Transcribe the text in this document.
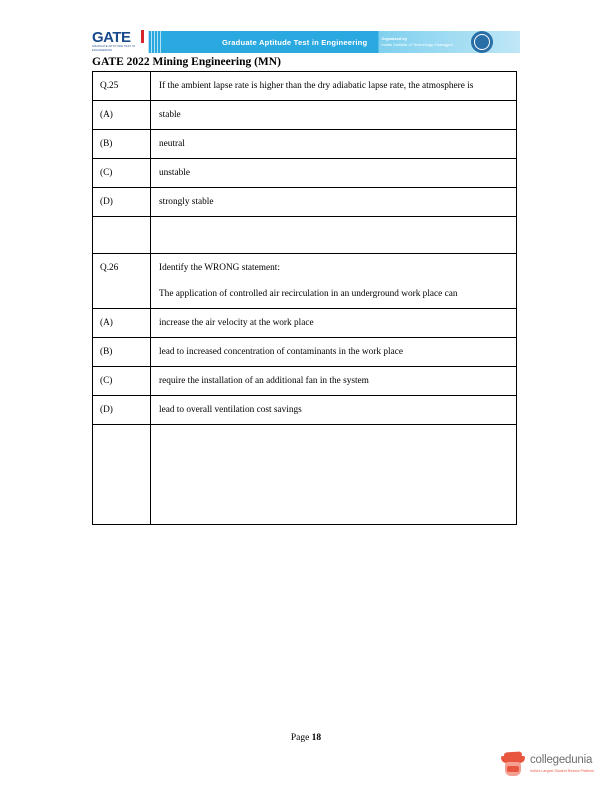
GATE
GRADUATE APTITUDE TEST IN ENGINEERING
Graduate Aptitude Test in Engineering	Organised by
Indian Institute of Technology Kharagpur
GATE 2022 Mining Engineering (MN)
Q.25	If the ambient lapse rate is higher than the dry adiabatic lapse rate, the atmosphere is

(A)	stable
(B)	neutral
(C)	unstable
(D)	strongly stable

Q.26	Identify the WRONG statement:
The application of controlled air recirculation in an underground work place can

(A)	increase the air velocity at the work place
(B)	lead to increased concentration of contaminants in the work place
(C)	require the installation of an additional fan in the system
(D)	lead to overall ventilation cost savings

Page 18
collegedunia
India's Largest Student Review Platform
